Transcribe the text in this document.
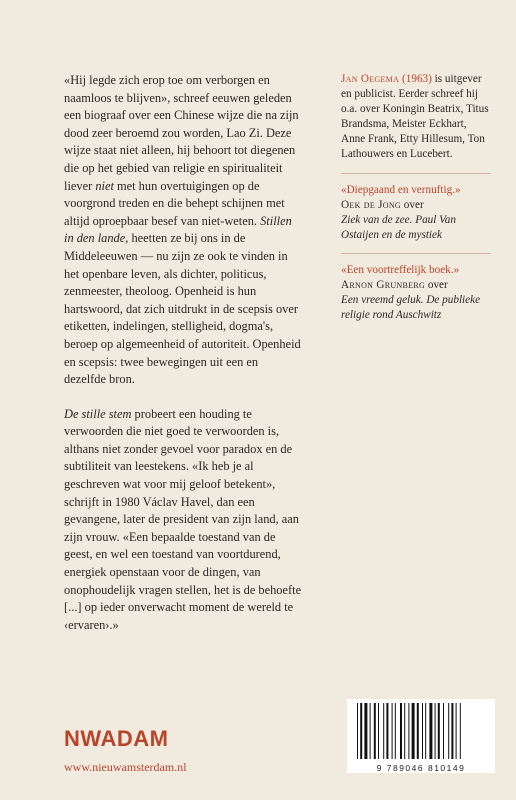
«Hij legde zich erop toe om verborgen en naamloos te blijven», schreef eeuwen geleden een biograaf over een Chinese wijze die na zijn dood zeer beroemd zou worden, Lao Zi. Deze wijze staat niet alleen, hij behoort tot diegenen die op het gebied van religie en spiritualiteit liever niet met hun overtuigingen op de voorgrond treden en die behept schijnen met altijd oproepbaar besef van niet-weten. Stillen in den lande, heetten ze bij ons in de Middeleeuwen — nu zijn ze ook te vinden in het openbare leven, als dichter, politicus, zenmeester, theoloog. Openheid is hun hartswoord, dat zich uitdrukt in de scepsis over etiketten, indelingen, stelligheid, dogma's, beroep op algemeenheid of autoriteit. Openheid en scepsis: twee bewegingen uit een en dezelfde bron.

De stille stem probeert een houding te verwoorden die niet goed te verwoorden is, althans niet zonder gevoel voor paradox en de subtiliteit van leestekens. «Ik heb je al geschreven wat voor mij geloof betekent», schrijft in 1980 Václav Havel, dan een gevangene, later de president van zijn land, aan zijn vrouw. «Een bepaalde toestand van de geest, en wel een toestand van voortdurend, energiek openstaan voor de dingen, van onophoudelijk vragen stellen, het is de behoefte [...] op ieder onverwacht moment de wereld te ‹ervaren›.»

Jan Oegema (1963) is uitgever en publicist. Eerder schreef hij o.a. over Koningin Beatrix, Titus Brandsma, Meister Eckhart, Anne Frank, Etty Hillesum, Ton Lathouwers en Lucebert.

«Diepgaand en vernuftig.»

Oek de Jong over
Ziek van de zee. Paul Van Ostaijen en de mystiek

«Een voortreffelijk boek.»

Arnon Grunberg over
Een vreemd geluk. De publieke religie rond Auschwitz

NWADAM
www.nieuwamsterdam.nl	9 789046 810149
